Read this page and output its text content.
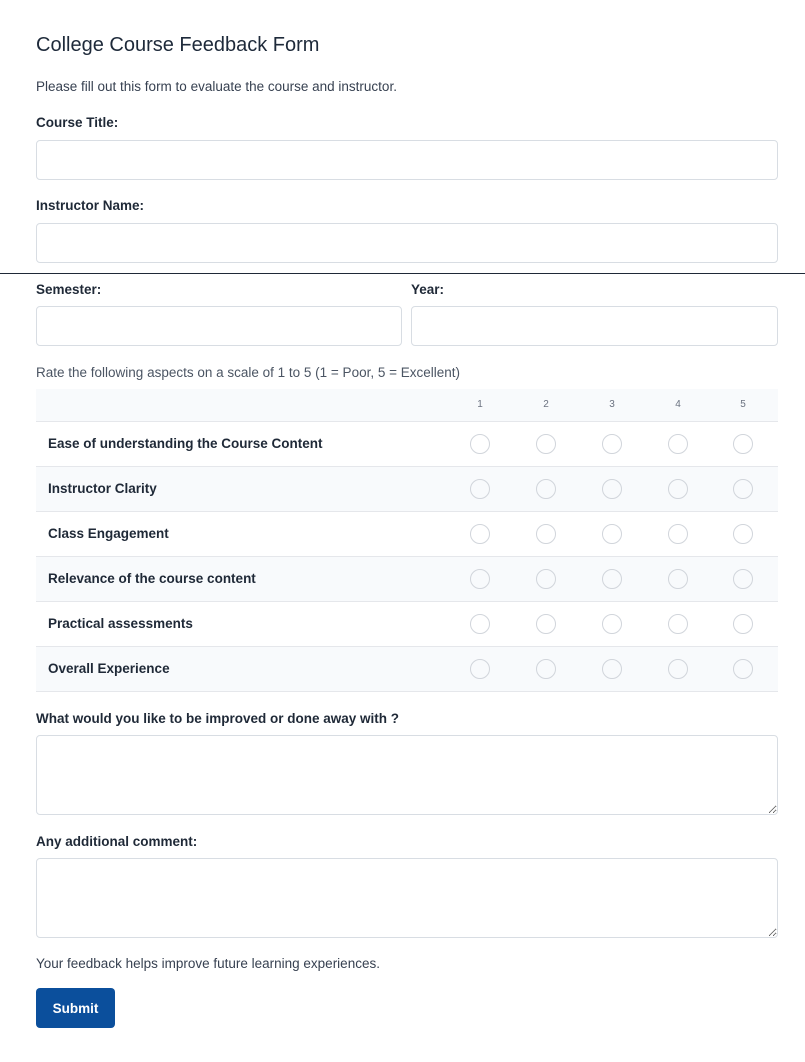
College Course Feedback Form
Please fill out this form to evaluate the course and instructor.
Course Title:
Instructor Name:
Semester:	Year:
Rate the following aspects on a scale of 1 to 5 (1 = Poor, 5 = Excellent)
1	2	3	4	5
Ease of understanding the Course Content
Instructor Clarity
Class Engagement
Relevance of the course content
Practical assessments
Overall Experience
What would you like to be improved or done away with ?
Any additional comment:
Your feedback helps improve future learning experiences.
Submit
